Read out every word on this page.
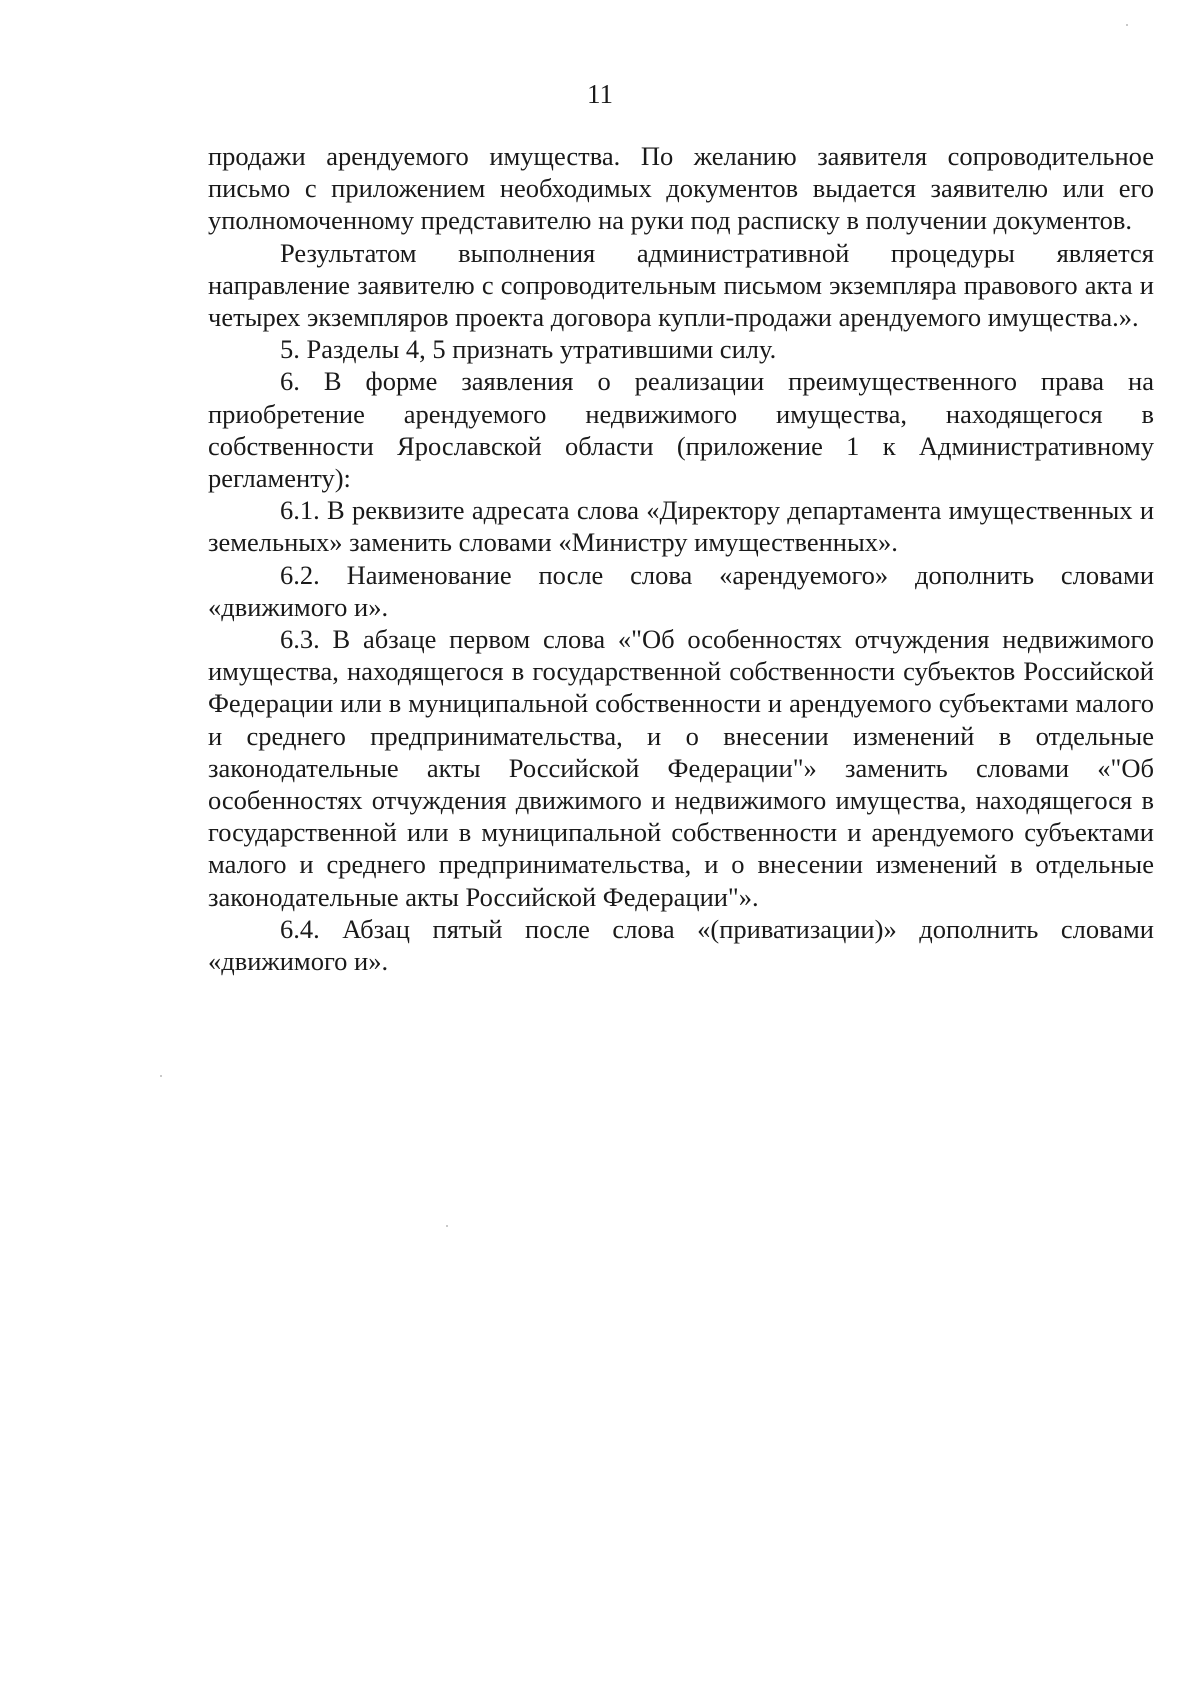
11

продажи арендуемого имущества. По желанию заявителя сопроводительное письмо с приложением необходимых документов выдается заявителю или его уполномоченному представителю на руки под расписку в получении документов.

Результатом выполнения административной процедуры является направление заявителю с сопроводительным письмом экземпляра правового акта и четырех экземпляров проекта договора купли-продажи арендуемого имущества.».

5. Разделы 4, 5 признать утратившими силу.

6. В форме заявления о реализации преимущественного права на приобретение арендуемого недвижимого имущества, находящегося в собственности Ярославской области (приложение 1 к Административному регламенту):

6.1. В реквизите адресата слова «Директору департамента имущественных и земельных» заменить словами «Министру имущественных».

6.2. Наименование после слова «арендуемого» дополнить словами «движимого и».

6.3. В абзаце первом слова «"Об особенностях отчуждения недвижимого имущества, находящегося в государственной собственности субъектов Российской Федерации или в муниципальной собственности и арендуемого субъектами малого и среднего предпринимательства, и о внесении изменений в отдельные законодательные акты Российской Федерации"» заменить словами «"Об особенностях отчуждения движимого и недвижимого имущества, находящегося в государственной или в муниципальной собственности и арендуемого субъектами малого и среднего предпринимательства, и о внесении изменений в отдельные законодательные акты Российской Федерации"».

6.4. Абзац пятый после слова «(приватизации)» дополнить словами «движимого и».
